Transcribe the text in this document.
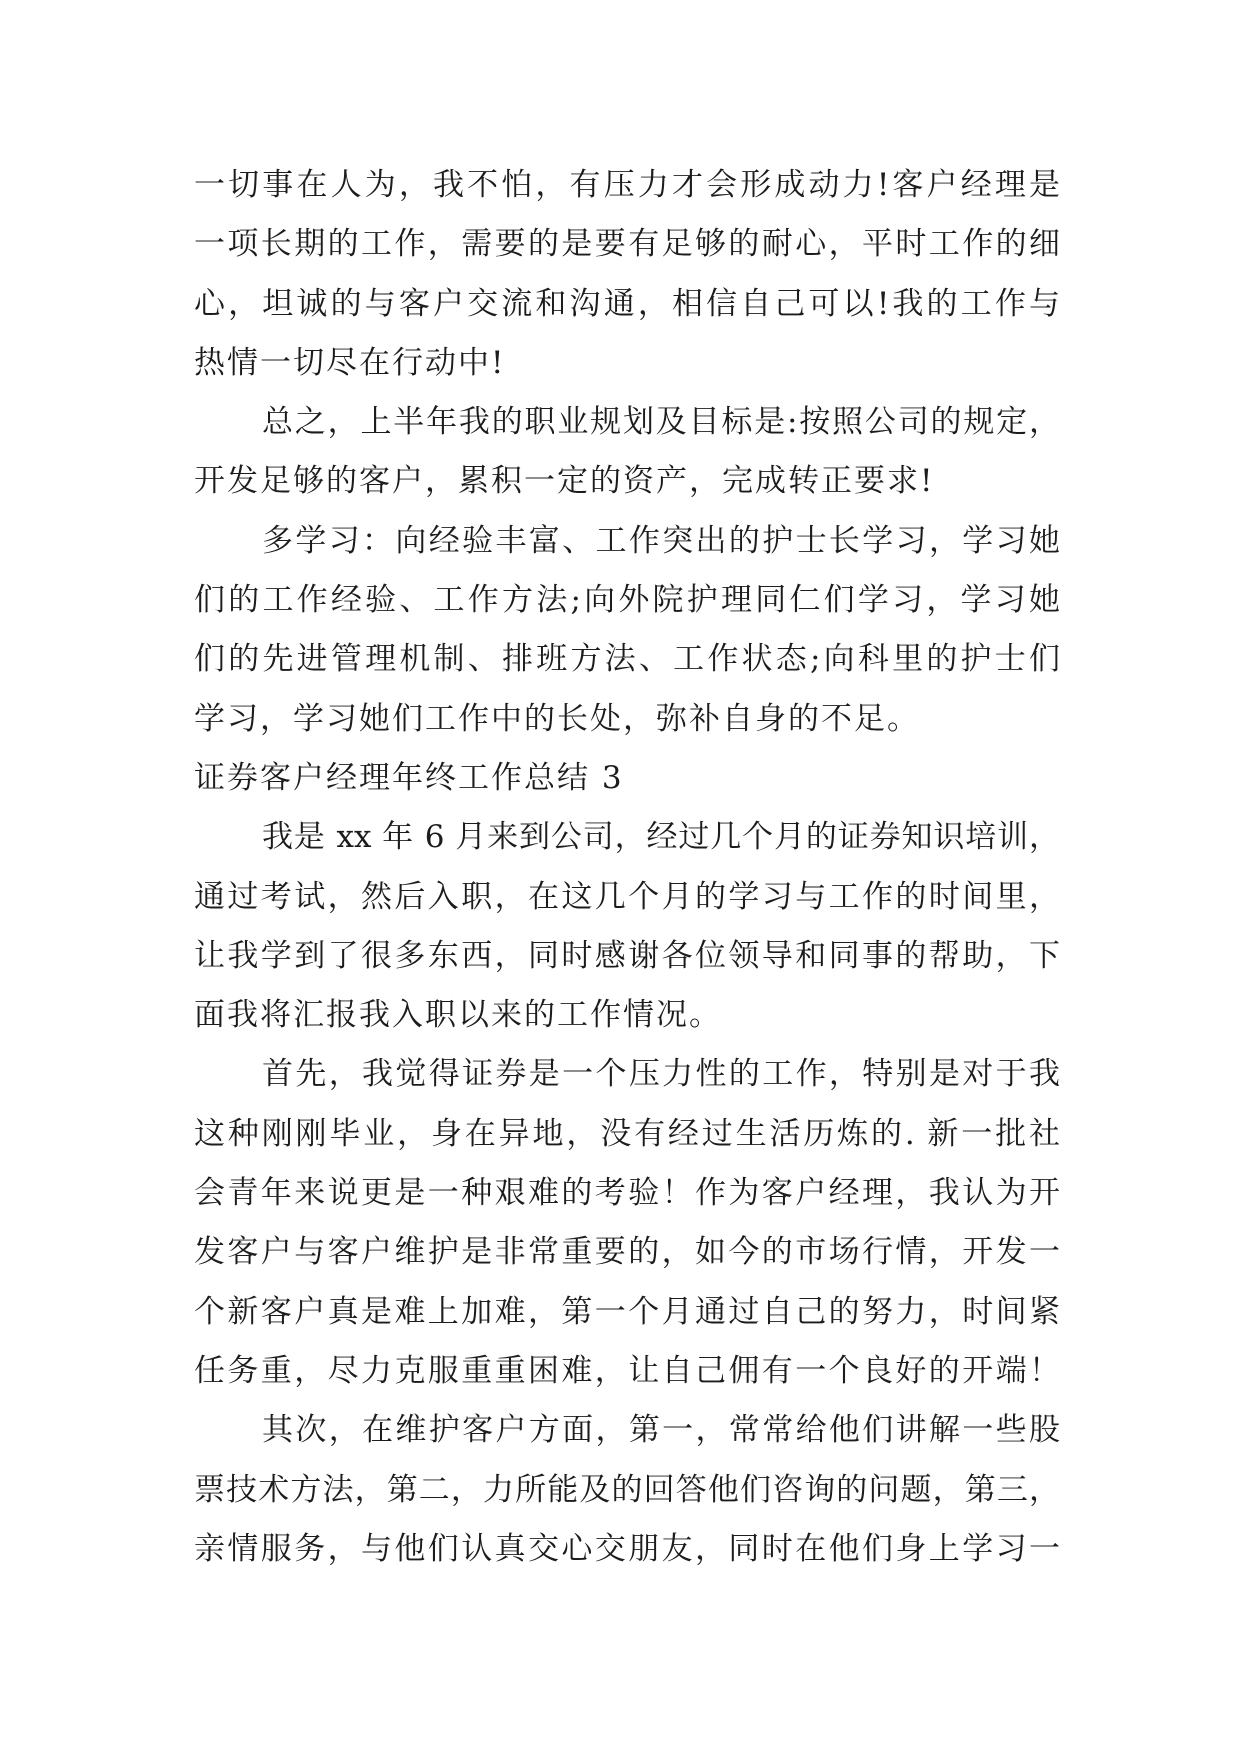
一切事在人为，我不怕，有压力才会形成动力!客户经理是
一项长期的工作，需要的是要有足够的耐心，平时工作的细
心，坦诚的与客户交流和沟通，相信自己可以!我的工作与
热情一切尽在行动中!
总之，上半年我的职业规划及目标是:按照公司的规定，
开发足够的客户，累积一定的资产，完成转正要求!
多学习：向经验丰富、工作突出的护士长学习，学习她
们的工作经验、工作方法;向外院护理同仁们学习，学习她
们的先进管理机制、排班方法、工作状态;向科里的护士们
学习，学习她们工作中的长处，弥补自身的不足。
证券客户经理年终工作总结 3
我是 xx 年 6 月来到公司，经过几个月的证券知识培训，
通过考试，然后入职，在这几个月的学习与工作的时间里，
让我学到了很多东西，同时感谢各位领导和同事的帮助，下
面我将汇报我入职以来的工作情况。
首先，我觉得证券是一个压力性的工作，特别是对于我
这种刚刚毕业，身在异地，没有经过生活历炼的. 新一批社
会青年来说更是一种艰难的考验！作为客户经理，我认为开
发客户与客户维护是非常重要的，如今的市场行情，开发一
个新客户真是难上加难，第一个月通过自己的努力，时间紧
任务重，尽力克服重重困难，让自己佣有一个良好的开端！
其次，在维护客户方面，第一，常常给他们讲解一些股
票技术方法，第二，力所能及的回答他们咨询的问题，第三，
亲情服务，与他们认真交心交朋友，同时在他们身上学习一
